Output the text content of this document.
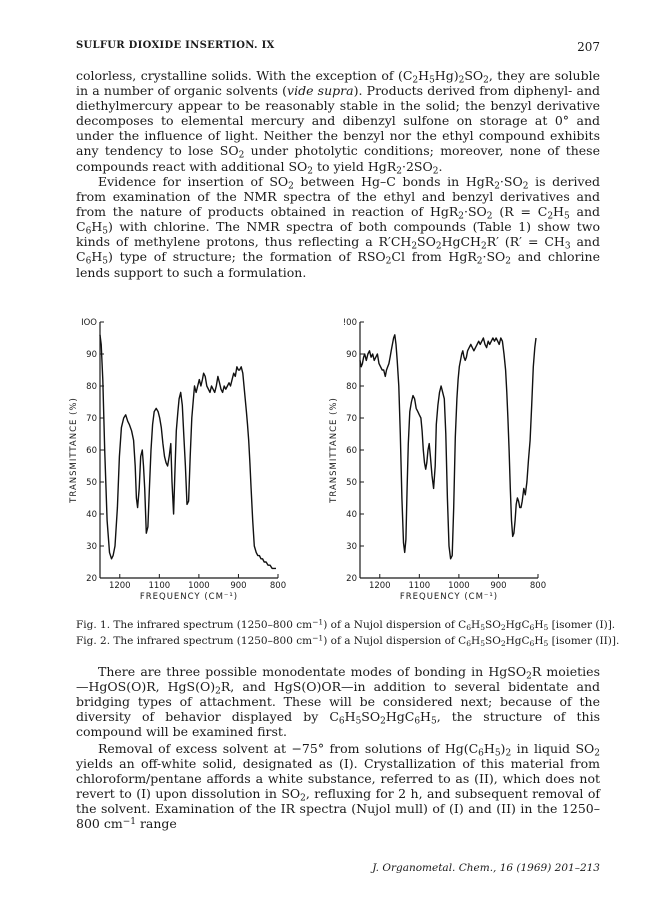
SULFUR DIOXIDE INSERTION. IX	207

colorless, crystalline solids. With the exception of $(C_2H_5Hg)_2SO_2$, they are soluble in a number of organic solvents (vide supra). Products derived from diphenyl- and diethylmercury appear to be reasonably stable in the solid; the benzyl derivative decomposes to elemental mercury and dibenzyl sulfone on storage at 0° and under the influence of light. Neither the benzyl nor the ethyl compound exhibits any tendency to lose $SO_2$ under photolytic conditions; moreover, none of these compounds react with additional $SO_2$ to yield $HgR_2\cdot 2SO_2$.

Evidence for insertion of $SO_2$ between Hg–C bonds in $HgR_2\cdot SO_2$ is derived from examination of the NMR spectra of the ethyl and benzyl derivatives and from the nature of products obtained in reaction of $HgR_2\cdot SO_2$ ($R = C_2H_5$ and $C_6H_5$) with chlorine. The NMR spectra of both compounds (Table 1) show two kinds of methylene protons, thus reflecting a $R'CH_2SO_2HgCH_2R'$ ($R' = CH_3$ and $C_6H_5$) type of structure; the formation of $RSO_2Cl$ from $HgR_2\cdot SO_2$ and chlorine lends support to such a formulation.

20
30
40
50
60
70
80
90
IOO
1200 1100 1000 900	800
FREQUENCY (CM⁻¹)
TRANSMITTANCE (%)
20
30
40
50
60
70
80
90
!00
1200 1100 1000 900	800
FREQUENCY (CM⁻¹)
TRANSMITTANCE (%)
Fig. 1. The infrared spectrum (1250–800 $cm^{-1}$) of a Nujol dispersion of $C_6H_5SO_2HgC_6H_5$ [isomer (I)].
Fig. 2. The infrared spectrum (1250–800 $cm^{-1}$) of a Nujol dispersion of $C_6H_5SO_2HgC_6H_5$ [isomer (II)].

There are three possible monodentate modes of bonding in HgSO$_2$R moieties —HgOS(O)R, $HgS(O)_2R$, and HgS(O)OR—in addition to several bidentate and bridging types of attachment. These will be considered next; because of the diversity of behavior displayed by $C_6H_5SO_2HgC_6H_5$, the structure of this compound will be examined first.

Removal of excess solvent at −75° from solutions of $Hg(C_6H_5)_2$ in liquid $SO_2$ yields an off-white solid, designated as (I). Crystallization of this material from chloroform/pentane affords a white substance, referred to as (II), which does not revert to (I) upon dissolution in $SO_2$, refluxing for 2 h, and subsequent removal of the solvent. Examination of the IR spectra (Nujol mull) of (I) and (II) in the 1250–800 $cm^{-1}$ range

J. Organometal. Chem., 16 (1969) 201–213
